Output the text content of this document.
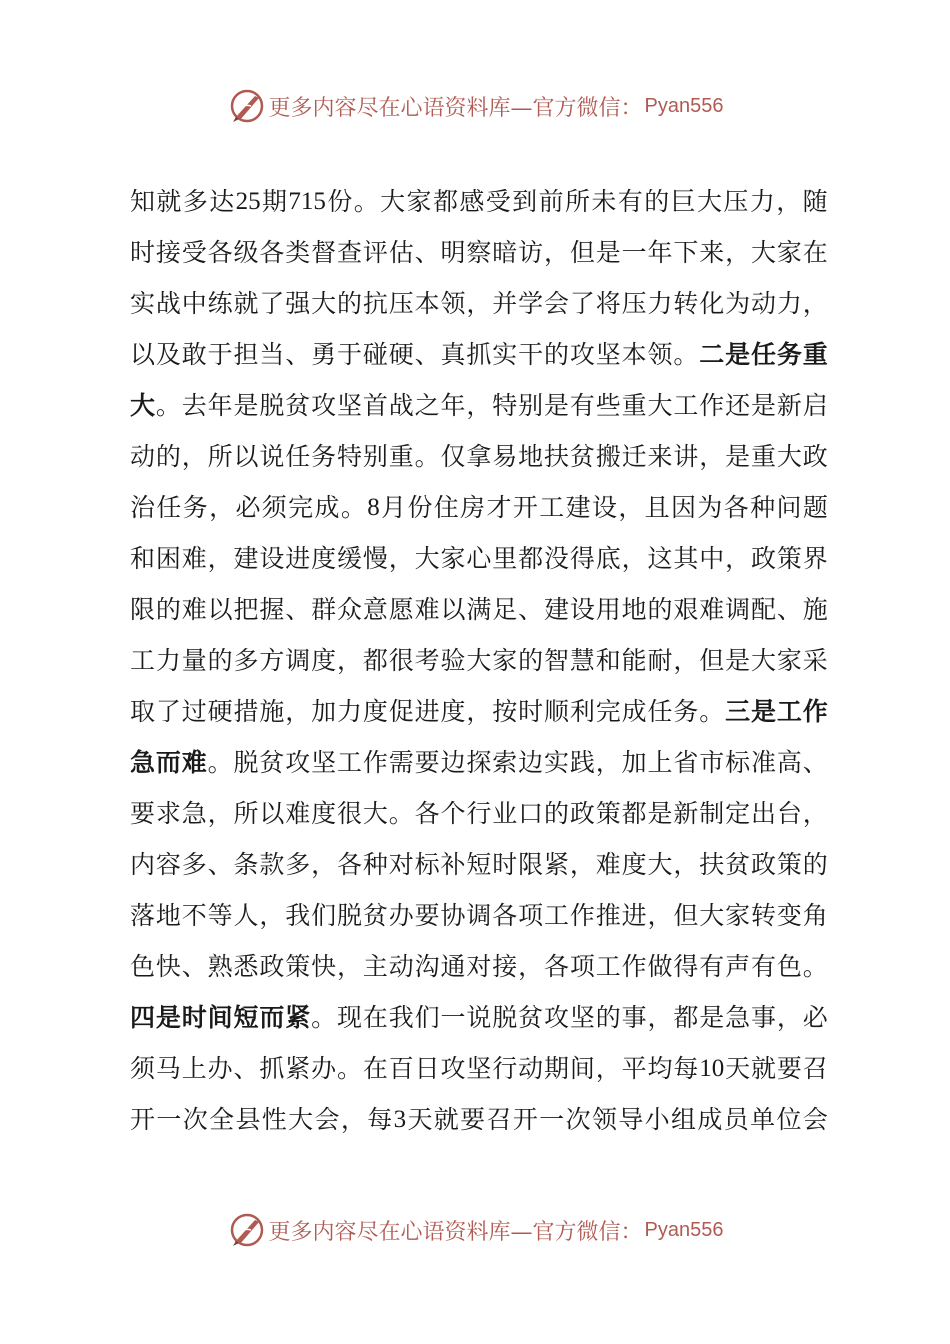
更多内容尽在心语资料库—官方微信： Pyan556
知 就 多 达 25 期 715 份 。 大 家 都 感 受 到 前 所 未 有 的 巨 大 压 力 ， 随
时 接 受 各 级 各 类 督 查 评 估 、 明 察 暗 访 ， 但 是 一 年 下 来 ， 大 家 在
实 战 中 练 就 了 强 大 的 抗 压 本 领 ， 并 学 会 了 将 压 力 转 化 为 动 力 ，
以 及 敢 于 担 当 、 勇 于 碰 硬 、 真 抓 实 干 的 攻 坚 本 领 。 二 是 任 务 重
大 。 去 年 是 脱 贫 攻 坚 首 战 之 年 ， 特 别 是 有 些 重 大 工 作 还 是 新 启
动 的 ， 所 以 说 任 务 特 别 重 。 仅 拿 易 地 扶 贫 搬 迁 来 讲 ， 是 重 大 政
治 任 务 ， 必 须 完 成 。 8 月 份 住 房 才 开 工 建 设 ， 且 因 为 各 种 问 题
和 困 难 ， 建 设 进 度 缓 慢 ， 大 家 心 里 都 没 得 底 ， 这 其 中 ， 政 策 界
限 的 难 以 把 握 、 群 众 意 愿 难 以 满 足 、 建 设 用 地 的 艰 难 调 配 、 施
工 力 量 的 多 方 调 度 ， 都 很 考 验 大 家 的 智 慧 和 能 耐 ， 但 是 大 家 采
取 了 过 硬 措 施 ， 加 力 度 促 进 度 ， 按 时 顺 利 完 成 任 务 。 三 是 工 作
急 而 难 。 脱 贫 攻 坚 工 作 需 要 边 探 索 边 实 践 ， 加 上 省 市 标 准 高 、
要 求 急 ， 所 以 难 度 很 大 。 各 个 行 业 口 的 政 策 都 是 新 制 定 出 台 ，
内 容 多 、 条 款 多 ， 各 种 对 标 补 短 时 限 紧 ， 难 度 大 ， 扶 贫 政 策 的
落 地 不 等 人 ， 我 们 脱 贫 办 要 协 调 各 项 工 作 推 进 ， 但 大 家 转 变 角
色 快 、 熟 悉 政 策 快 ， 主 动 沟 通 对 接 ， 各 项 工 作 做 得 有 声 有 色 。
四 是 时 间 短 而 紧 。 现 在 我 们 一 说 脱 贫 攻 坚 的 事 ， 都 是 急 事 ， 必
须 马 上 办 、 抓 紧 办 。 在 百 日 攻 坚 行 动 期 间 ， 平 均 每 10 天 就 要 召
开 一 次 全 县 性 大 会 ， 每 3 天 就 要 召 开 一 次 领 导 小 组 成 员 单 位 会
更多内容尽在心语资料库—官方微信： Pyan556
